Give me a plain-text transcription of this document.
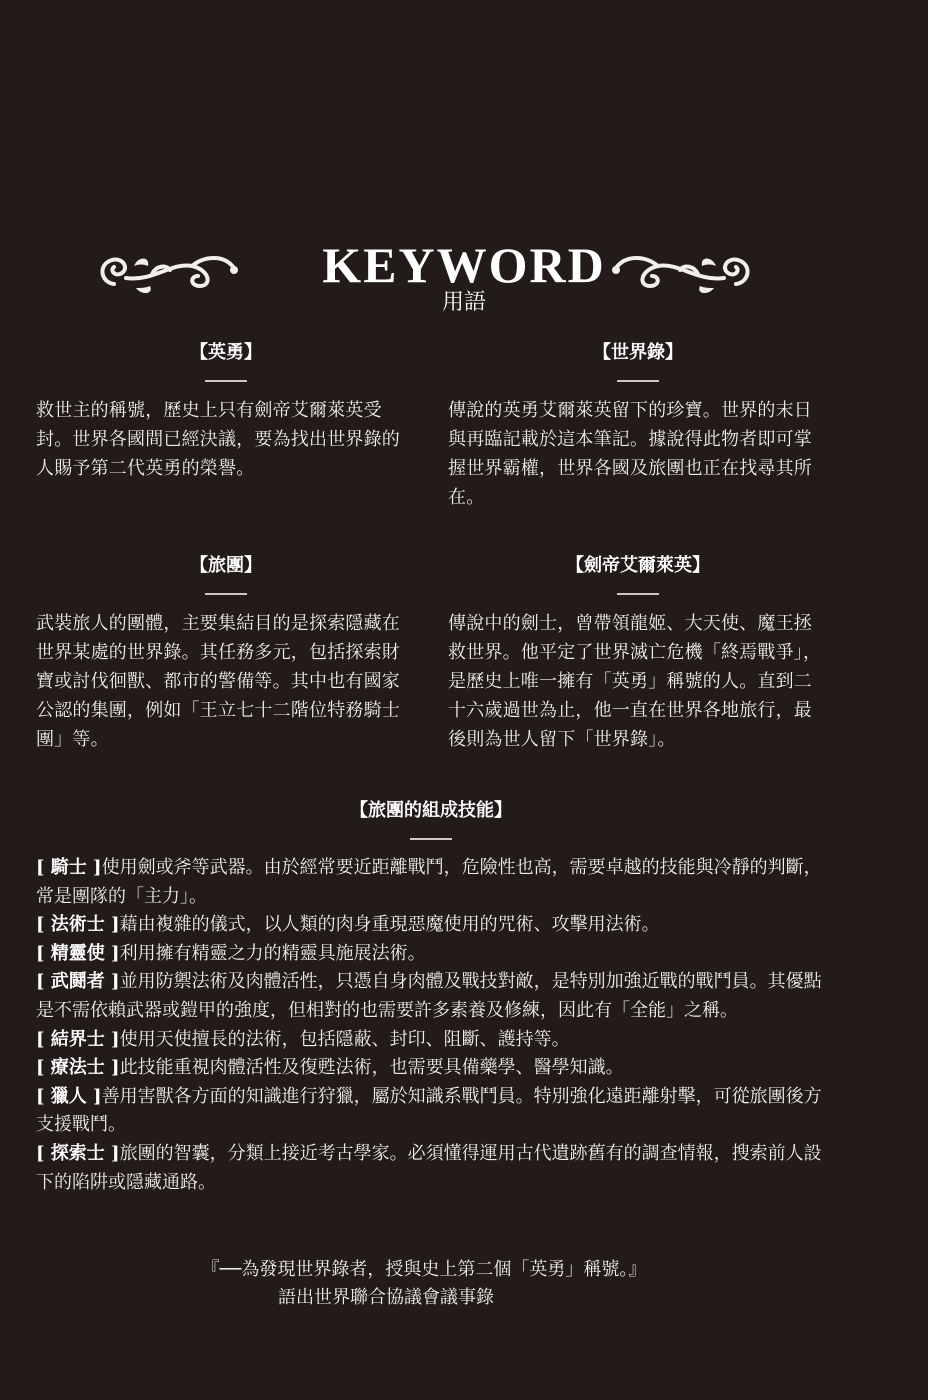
KEYWORD
用語
【英勇】
救世主的稱號，歷史上只有劍帝艾爾萊英受封。世界各國間已經決議，要為找出世界錄的人賜予第二代英勇的榮譽。
【世界錄】
傳說的英勇艾爾萊英留下的珍寶。世界的末日與再臨記載於這本筆記。據說得此物者即可掌握世界霸權，世界各國及旅團也正在找尋其所在。
【旅團】
武裝旅人的團體，主要集結目的是探索隱藏在世界某處的世界錄。其任務多元，包括探索財寶或討伐徊獸、都市的警備等。其中也有國家公認的集團，例如「王立七十二階位特務騎士團」等。
【劍帝艾爾萊英】
傳說中的劍士，曾帶領龍姬、大天使、魔王拯救世界。他平定了世界滅亡危機「終焉戰爭」，是歷史上唯一擁有「英勇」稱號的人。直到二十六歲過世為止，他一直在世界各地旅行，最後則為世人留下「世界錄」。
【旅團的組成技能】

[ 騎士 ]使用劍或斧等武器。由於經常要近距離戰鬥，危險性也高，需要卓越的技能與冷靜的判斷，常是團隊的「主力」。

[ 法術士 ]藉由複雜的儀式，以人類的肉身重現惡魔使用的咒術、攻擊用法術。

[ 精靈使 ]利用擁有精靈之力的精靈具施展法術。

[ 武鬪者 ]並用防禦法術及肉體活性，只憑自身肉體及戰技對敵，是特別加強近戰的戰鬥員。其優點是不需依賴武器或鎧甲的強度，但相對的也需要許多素養及修練，因此有「全能」之稱。

[ 結界士 ]使用天使擅長的法術，包括隱蔽、封印、阻斷、護持等。

[ 療法士 ]此技能重視肉體活性及復甦法術，也需要具備藥學、醫學知識。

[ 獵人 ]善用害獸各方面的知識進行狩獵，屬於知識系戰鬥員。特別強化遠距離射擊，可從旅團後方支援戰鬥。

[ 探索士 ]旅團的智囊，分類上接近考古學家。必須懂得運用古代遺跡舊有的調查情報，搜索前人設下的陷阱或隱藏通路。

『──為發現世界錄者，授與史上第二個「英勇」稱號。』
語出世界聯合協議會議事錄
